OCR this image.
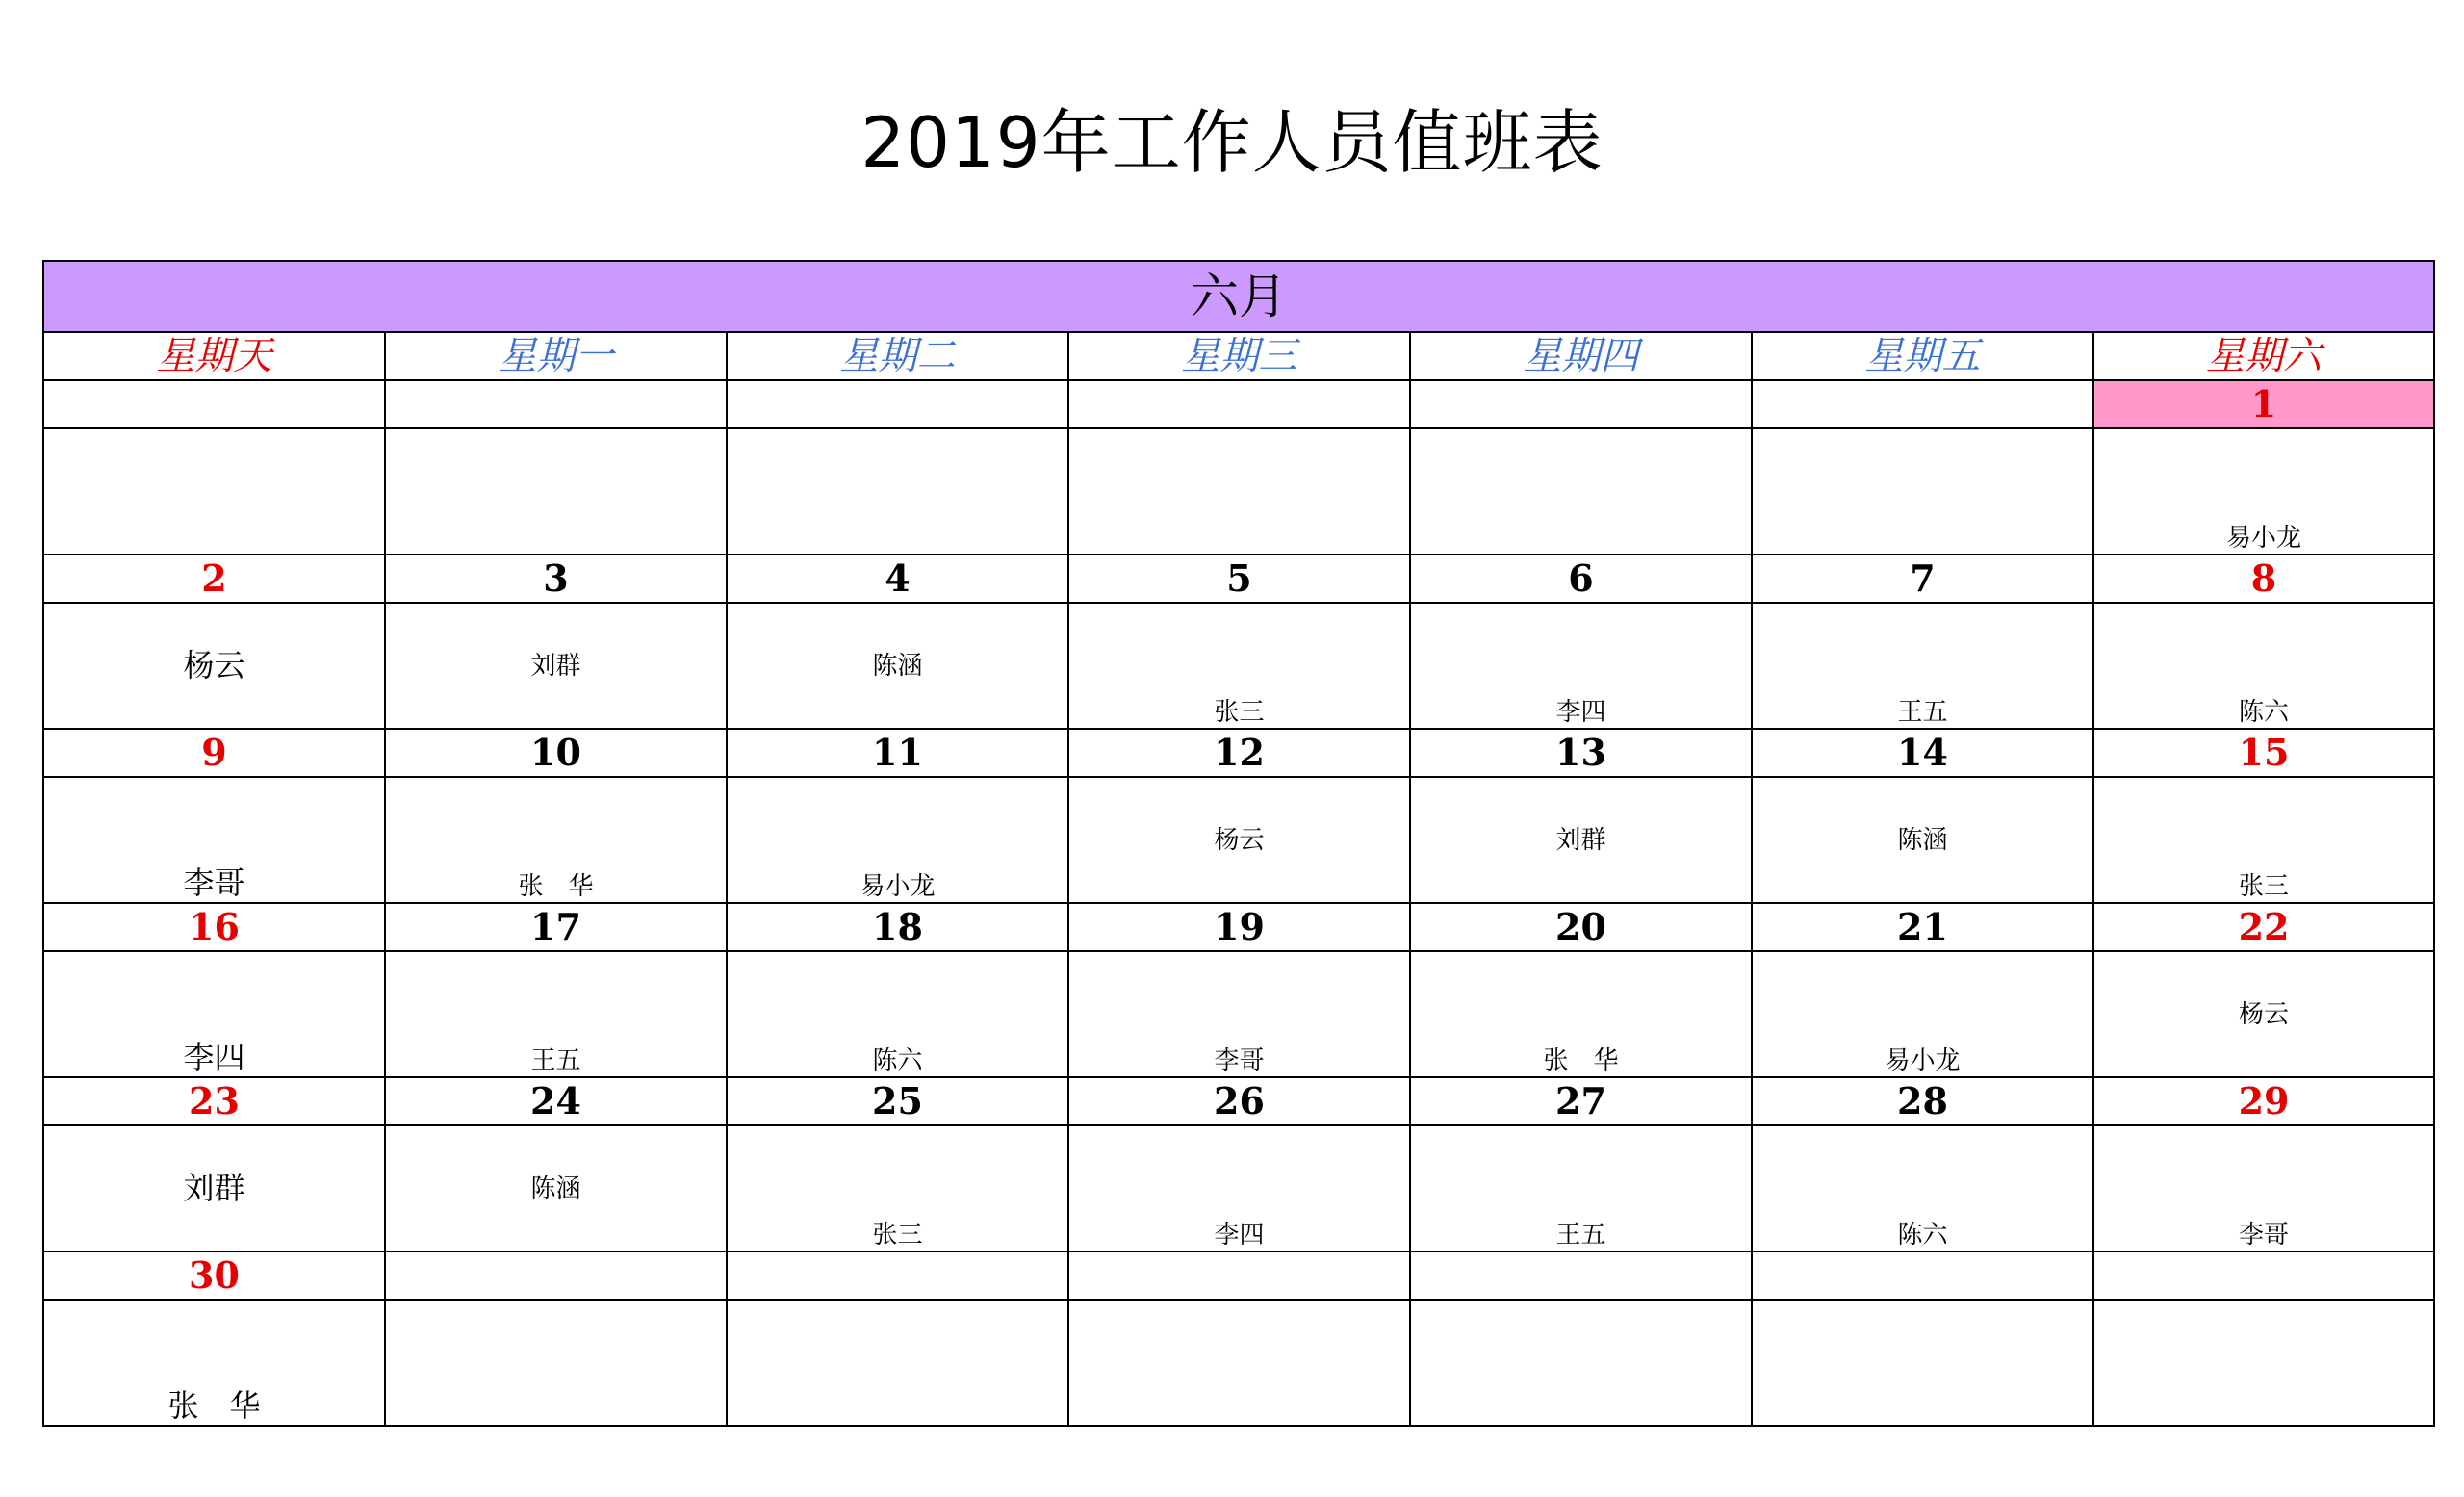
2019年工作人员值班表
六月						
星期天	星期一	星期二	星期三	星期四	星期五	星期六
						1

						易小龙

2	3	4	5	6	7	8

杨云	刘群	陈涵	张三	李四	王五	陈六

9	10	11	12	13	14	15

李哥	张　华	易小龙	杨云	刘群	陈涵	张三

16	17	18	19	20	21	22

李四	王五	陈六	李哥	张　华	易小龙	杨云

23	24	25	26	27	28	29

刘群	陈涵	张三	李四	王五	陈六	李哥

30						

张　华						
